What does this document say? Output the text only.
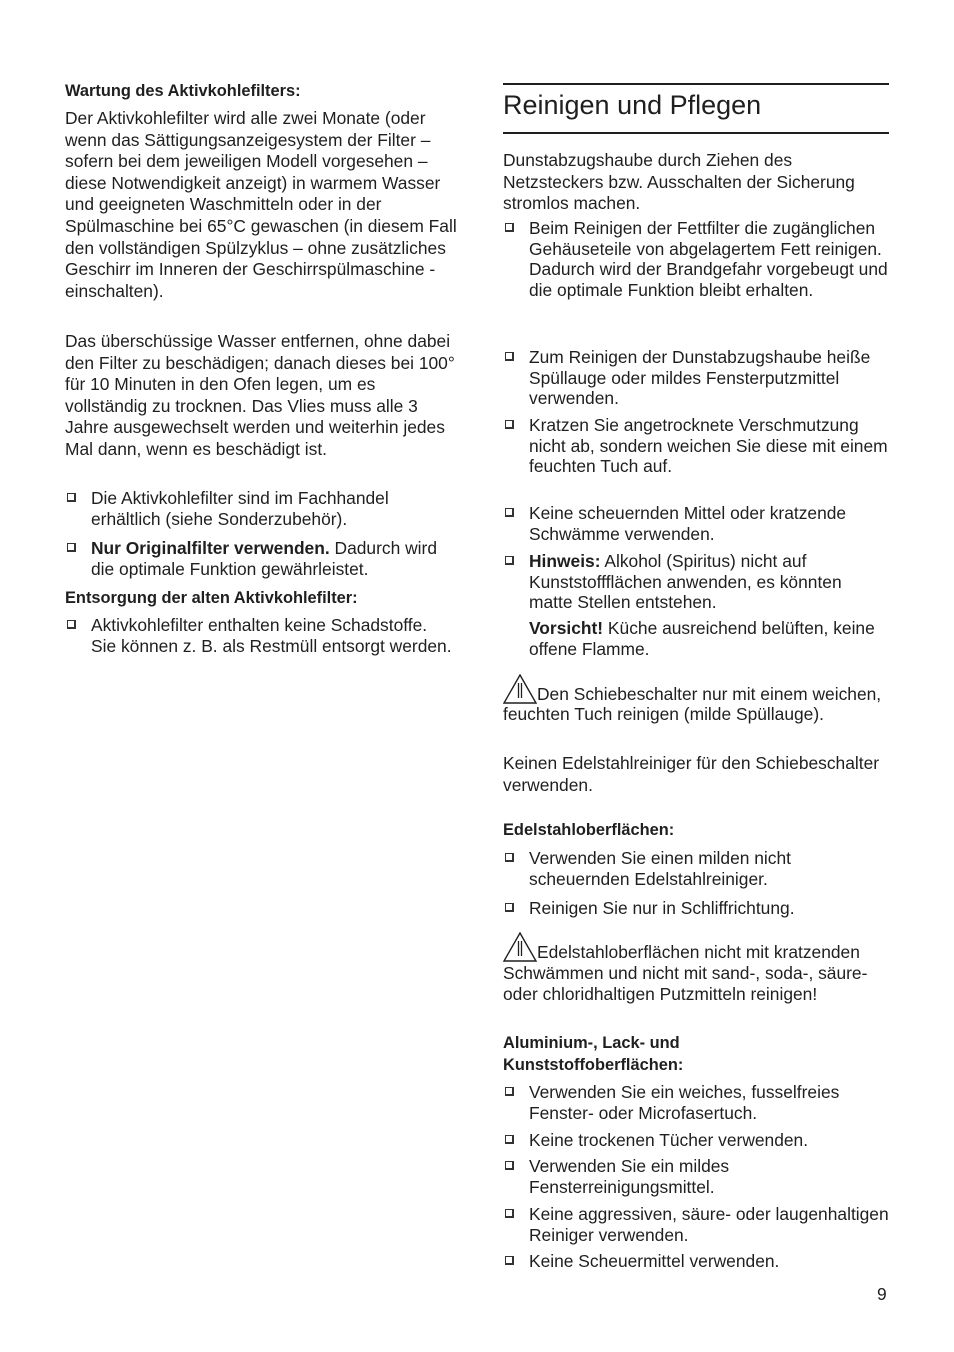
Wartung des Aktivkohlefilters:

Der Aktivkohlefilter wird alle zwei Monate (oder wenn das Sättigungsanzeigesystem der Filter – sofern bei dem jeweiligen Modell vorgesehen – diese Notwendigkeit anzeigt) in warmem Wasser und geeigneten Waschmitteln oder in der Spülmaschine bei 65°C gewaschen (in diesem Fall den vollständigen Spülzyklus – ohne zusätzliches Geschirr im Inneren der Geschirrspülmaschine - einschalten).

Das überschüssige Wasser entfernen, ohne dabei den Filter zu beschädigen; danach dieses bei 100° für 10 Minuten in den Ofen legen, um es vollständig zu trocknen. Das Vlies muss alle 3 Jahre ausgewechselt werden und weiterhin jedes Mal dann, wenn es beschädigt ist.

Die Aktivkohlefilter sind im Fachhandel erhältlich (siehe Sonderzubehör).
Nur Originalfilter verwenden. Dadurch wird die optimale Funktion gewährleistet.

Entsorgung der alten Aktivkohlefilter:

Aktivkohlefilter enthalten keine Schadstoffe. Sie können z. B. als Restmüll entsorgt werden.
Reinigen und Pflegen

Dunstabzugshaube durch Ziehen des Netzsteckers bzw. Ausschalten der Sicherung stromlos machen.

Beim Reinigen der Fettfilter die zugänglichen Gehäuseteile von abgelagertem Fett reinigen. Dadurch wird der Brandgefahr vorgebeugt und die optimale Funktion bleibt erhalten.
Zum Reinigen der Dunstabzugshaube heiße Spüllauge oder mildes Fensterputzmittel verwenden.
Kratzen Sie angetrocknete Verschmutzung nicht ab, sondern weichen Sie diese mit einem feuchten Tuch auf.
Keine scheuernden Mittel oder kratzende Schwämme verwenden.
Hinweis: Alkohol (Spiritus) nicht auf Kunststoffflächen anwenden, es könnten matte Stellen entstehen.
Vorsicht! Küche ausreichend belüften, keine offene Flamme.

Den Schiebeschalter nur mit einem weichen, feuchten Tuch reinigen (milde Spüllauge).

Keinen Edelstahlreiniger für den Schiebeschalter verwenden.

Edelstahloberflächen:

Verwenden Sie einen milden nicht scheuernden Edelstahlreiniger.
Reinigen Sie nur in Schliffrichtung.

Edelstahloberflächen nicht mit kratzenden Schwämmen und nicht mit sand-, soda-, säure- oder chloridhaltigen Putzmitteln reinigen!

Aluminium-, Lack- und Kunststoffoberflächen:

Verwenden Sie ein weiches, fusselfreies Fenster- oder Microfasertuch.
Keine trockenen Tücher verwenden.
Verwenden Sie ein mildes Fensterreinigungsmittel.
Keine aggressiven, säure- oder laugenhaltigen Reiniger verwenden.
Keine Scheuermittel verwenden.
9
